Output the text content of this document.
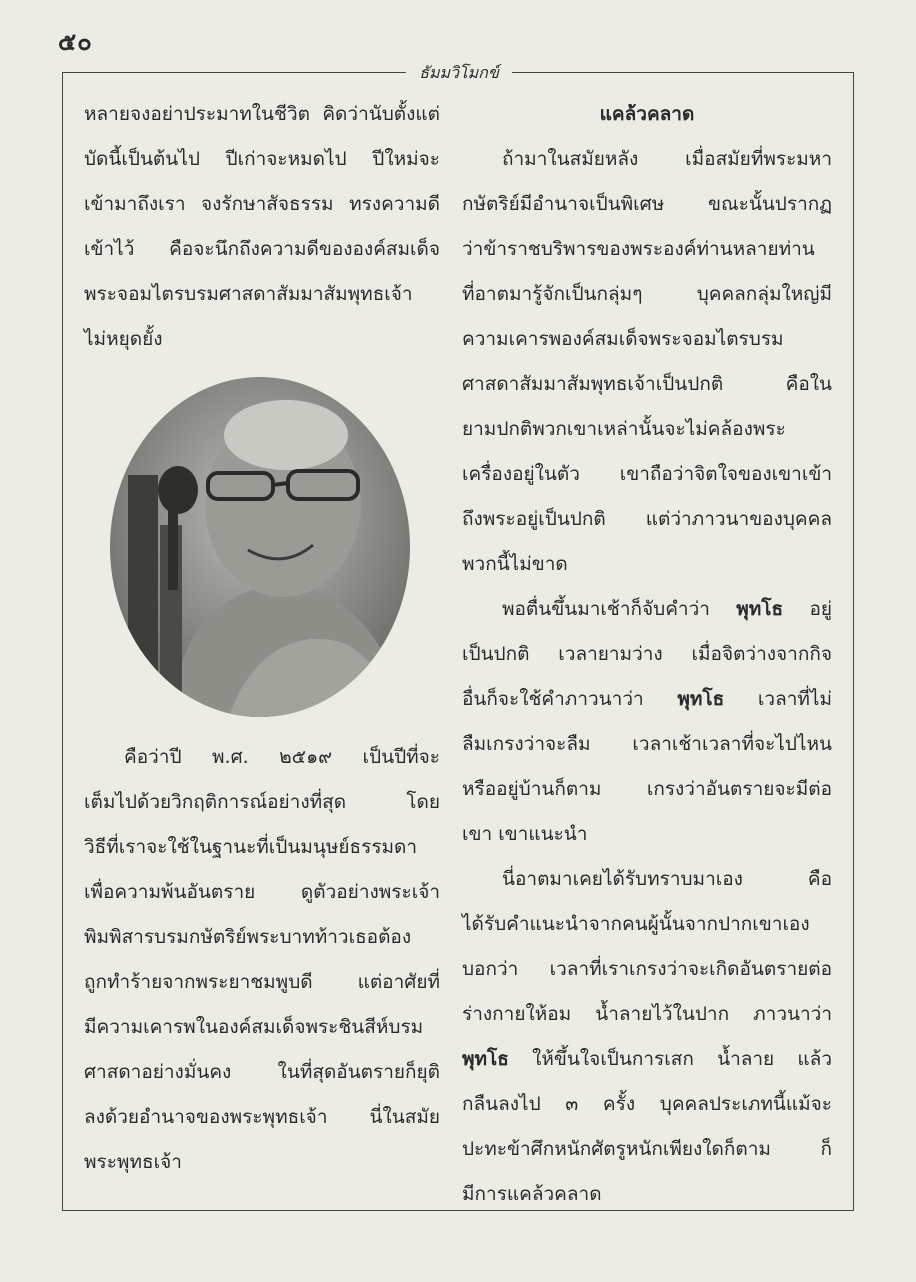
๕๐
ธัมมวิโมกข์

หลายจงอย่าประมาทในชีวิต คิดว่านับตั้งแต่

บัดนี้เป็นต้นไป ปีเก่าจะหมดไป ปีใหม่จะ

เข้ามาถึงเรา จงรักษาสัจธรรม ทรงความดี

เข้าไว้ คือจะนึกถึงความดีขององค์สมเด็จ

พระจอมไตรบรมศาสดาสัมมาสัมพุทธเจ้า

ไม่หยุดยั้ง

คือว่าปี พ.ศ. ๒๕๑๙ เป็นปีที่จะ

เต็มไปด้วยวิกฤติการณ์อย่างที่สุด โดย

วิธีที่เราจะใช้ในฐานะที่เป็นมนุษย์ธรรมดา

เพื่อความพ้นอันตราย ดูตัวอย่างพระเจ้า

พิมพิสารบรมกษัตริย์พระบาทท้าวเธอต้อง

ถูกทำร้ายจากพระยาชมพูบดี แต่อาศัยที่

มีความเคารพในองค์สมเด็จพระชินสีห์บรม

ศาสดาอย่างมั่นคง ในที่สุดอันตรายก็ยุติ

ลงด้วยอำนาจของพระพุทธเจ้า นี่ในสมัย

พระพุทธเจ้า

แคล้วคลาด

ถ้ามาในสมัยหลัง เมื่อสมัยที่พระมหา

กษัตริย์มีอำนาจเป็นพิเศษ ขณะนั้นปรากฏ

ว่าข้าราชบริพารของพระองค์ท่านหลายท่าน

ที่อาตมารู้จักเป็นกลุ่มๆ บุคคลกลุ่มใหญ่มี

ความเคารพองค์สมเด็จพระจอมไตรบรม

ศาสดาสัมมาสัมพุทธเจ้าเป็นปกติ คือใน

ยามปกติพวกเขาเหล่านั้นจะไม่คล้องพระ

เครื่องอยู่ในตัว เขาถือว่าจิตใจของเขาเข้า

ถึงพระอยู่เป็นปกติ แต่ว่าภาวนาของบุคคล

พวกนี้ไม่ขาด

พอตื่นขึ้นมาเช้าก็จับคำว่า พุทโธ อยู่

เป็นปกติ เวลายามว่าง เมื่อจิตว่างจากกิจ

อื่นก็จะใช้คำภาวนาว่า พุทโธ เวลาที่ไม่

ลืมเกรงว่าจะลืม เวลาเช้าเวลาที่จะไปไหน

หรืออยู่บ้านก็ตาม เกรงว่าอันตรายจะมีต่อ

เขา เขาแนะนำ

นี่อาตมาเคยได้รับทราบมาเอง คือ

ได้รับคำแนะนำจากคนผู้นั้นจากปากเขาเอง

บอกว่า เวลาที่เราเกรงว่าจะเกิดอันตรายต่อ

ร่างกายให้อม น้ำลายไว้ในปาก ภาวนาว่า

พุทโธ ให้ขึ้นใจเป็นการเสก น้ำลาย แล้ว

กลืนลงไป ๓ ครั้ง บุคคลประเภทนี้แม้จะ

ปะทะข้าศึกหนักศัตรูหนักเพียงใดก็ตาม ก็

มีการแคล้วคลาด
